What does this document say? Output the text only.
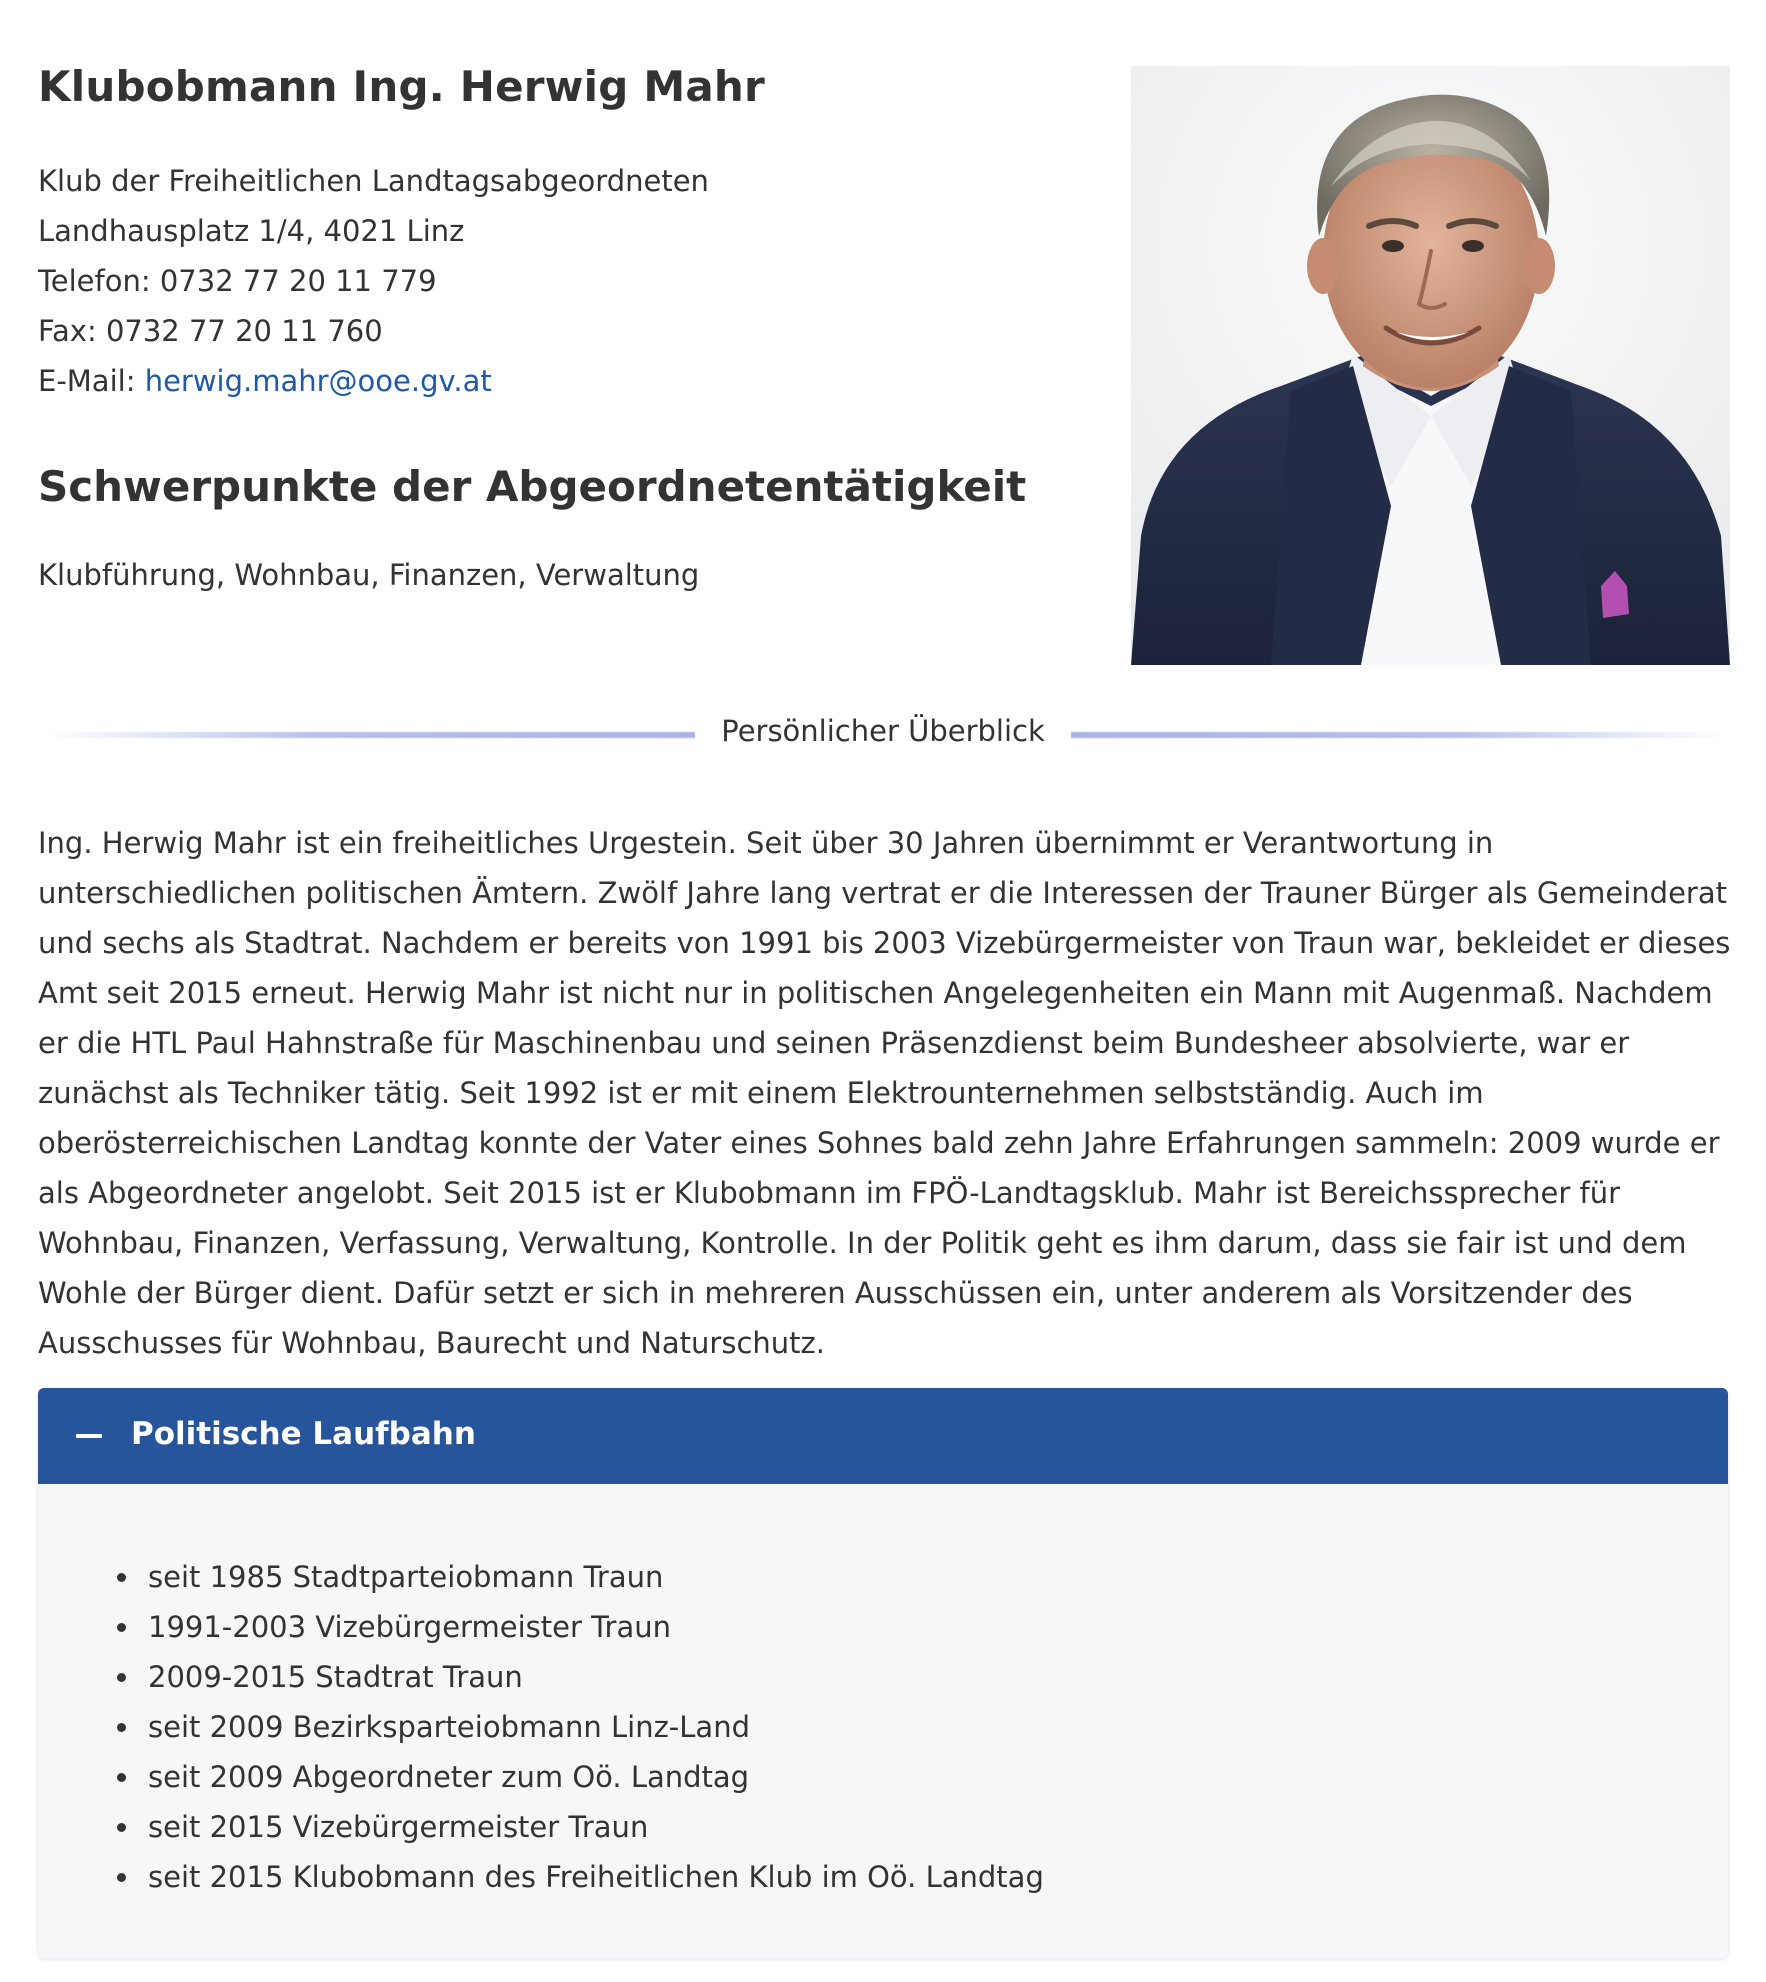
Klubobmann Ing. Herwig Mahr
Klub der Freiheitlichen Landtagsabgeordneten
Landhausplatz 1/4, 4021 Linz
Telefon: 0732 77 20 11 779
Fax: 0732 77 20 11 760
E-Mail: herwig.mahr@ooe.gv.at
Schwerpunkte der Abgeordnetentätigkeit
Klubführung, Wohnbau, Finanzen, Verwaltung
Persönlicher Überblick

Ing. Herwig Mahr ist ein freiheitliches Urgestein. Seit über 30 Jahren übernimmt er Verantwortung in unterschiedlichen politischen Ämtern. Zwölf Jahre lang vertrat er die Interessen der Trauner Bürger als Gemeinderat und sechs als Stadtrat. Nachdem er bereits von 1991 bis 2003 Vizebürgermeister von Traun war, bekleidet er dieses Amt seit 2015 erneut. Herwig Mahr ist nicht nur in politischen Angelegenheiten ein Mann mit Augenmaß. Nachdem er die HTL Paul Hahnstraße für Maschinenbau und seinen Präsenzdienst beim Bundesheer absolvierte, war er zunächst als Techniker tätig. Seit 1992 ist er mit einem Elektrounternehmen selbstständig. Auch im oberösterreichischen Landtag konnte der Vater eines Sohnes bald zehn Jahre Erfahrungen sammeln: 2009 wurde er als Abgeordneter angelobt. Seit 2015 ist er Klubobmann im FPÖ-Landtagsklub. Mahr ist Bereichssprecher für Wohnbau, Finanzen, Verfassung, Verwaltung, Kontrolle. In der Politik geht es ihm darum, dass sie fair ist und dem Wohle der Bürger dient. Dafür setzt er sich in mehreren Ausschüssen ein, unter anderem als Vorsitzender des Ausschusses für Wohnbau, Baurecht und Naturschutz.

Politische Laufbahn
seit 1985 Stadtparteiobmann Traun
1991-2003 Vizebürgermeister Traun
2009-2015 Stadtrat Traun
seit 2009 Bezirksparteiobmann Linz-Land
seit 2009 Abgeordneter zum Oö. Landtag
seit 2015 Vizebürgermeister Traun
seit 2015 Klubobmann des Freiheitlichen Klub im Oö. Landtag
